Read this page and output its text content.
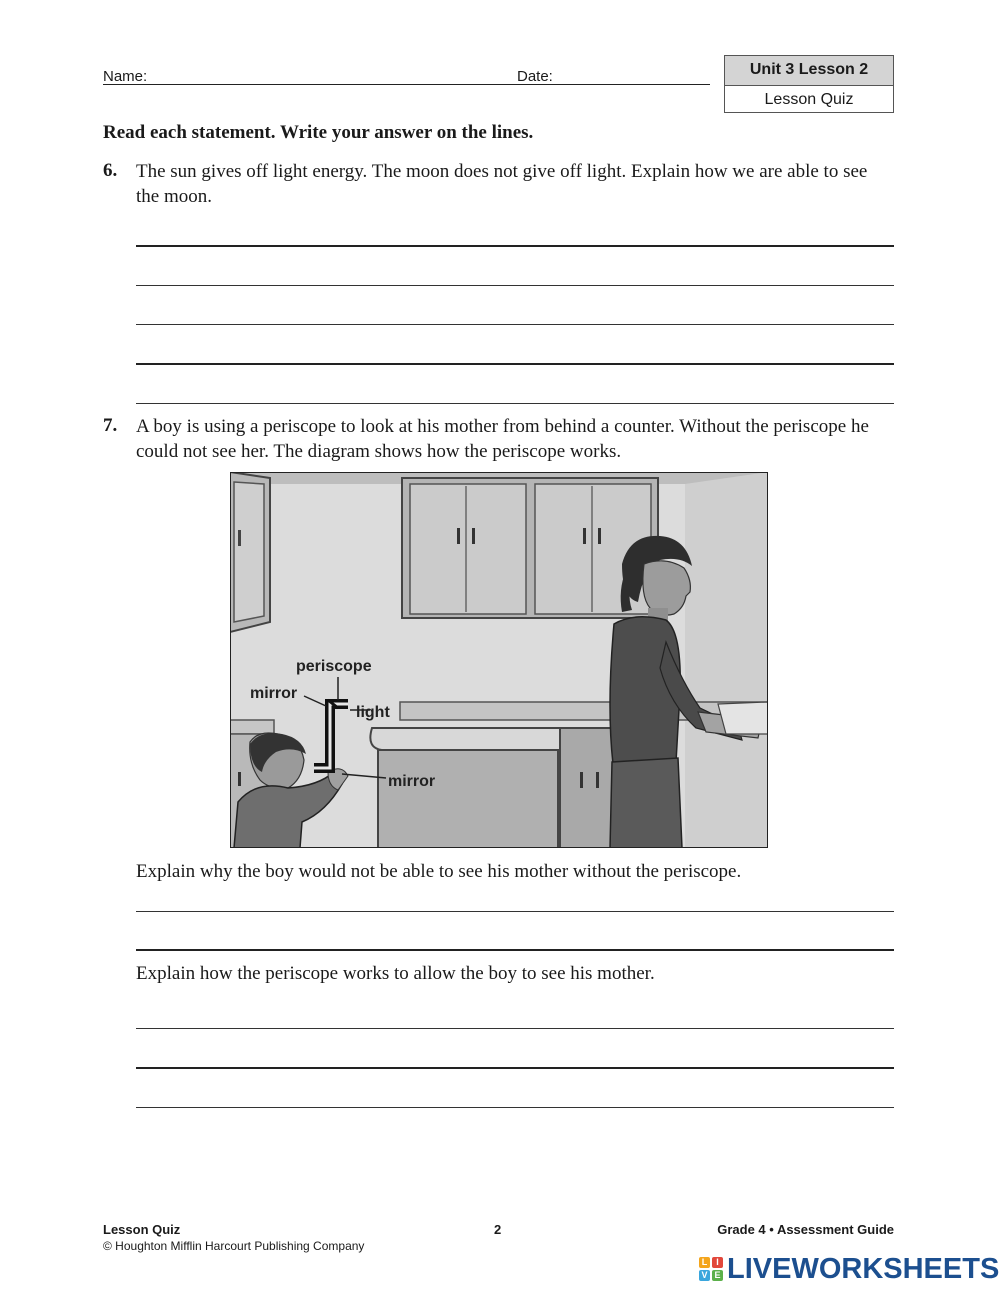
Name:	Date:	Unit 3 Lesson 2
Lesson Quiz
Read each statement. Write your answer on the lines.
6. The sun gives off light energy. The moon does not give off light. Explain how we are able to see the moon.
7. A boy is using a periscope to look at his mother from behind a counter. Without the periscope he could not see her. The diagram shows how the periscope works.
periscope
mirror
light
mirror
Explain why the boy would not be able to see his mother without the periscope.
Explain how the periscope works to allow the boy to see his mother.
Lesson Quiz	2	Grade 4 • Assessment Guide
© Houghton Mifflin Harcourt Publishing Company
L I
V E LIVEWORKSHEETS
